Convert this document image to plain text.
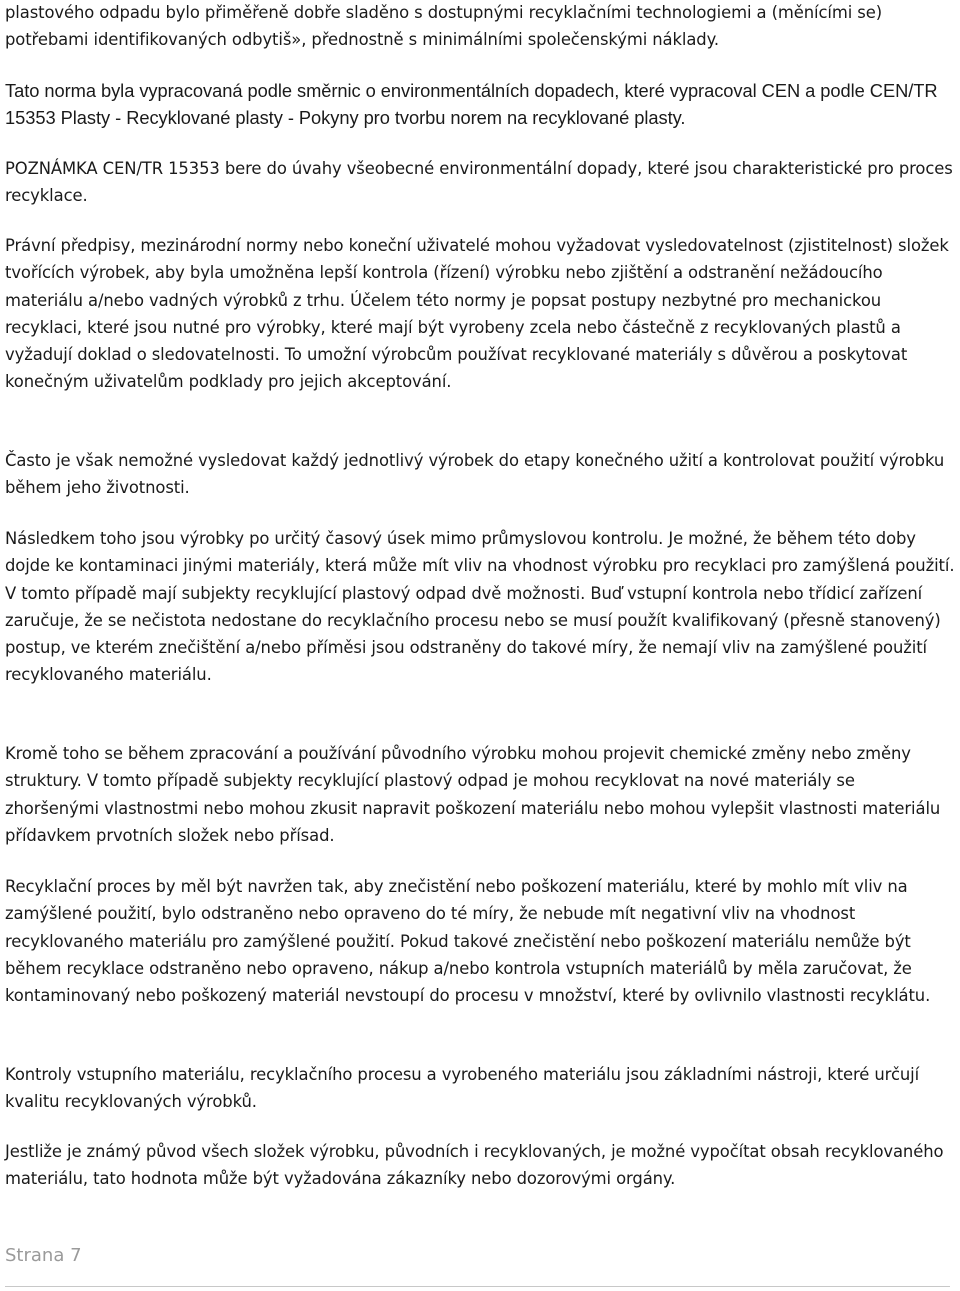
plastového odpadu bylo přiměřeně dobře sladěno s dostupnými recyklačními technologiemi a (měnícími se) potřebami identifikovaných odbytiš», přednostně s minimálními společenskými náklady.

Tato norma byla vypracovaná podle směrnic o environmentálních dopadech, které vypracoval CEN a podle CEN/TR 15353 Plasty - Recyklované plasty - Pokyny pro tvorbu norem na recyklované plasty.

POZNÁMKA CEN/TR 15353 bere do úvahy všeobecné environmentální dopady, které jsou charakteristické pro proces recyklace.

Právní předpisy, mezinárodní normy nebo koneční uživatelé mohou vyžadovat vysledovatelnost (zjistitelnost) složek tvořících výrobek, aby byla umožněna lepší kontrola (řízení) výrobku nebo zjištění a odstranění nežádoucího materiálu a/nebo vadných výrobků z trhu. Účelem této normy je popsat postupy nezbytné pro mechanickou recyklaci, které jsou nutné pro výrobky, které mají být vyrobeny zcela nebo částečně z recyklovaných plastů a vyžadují doklad o sledovatelnosti. To umožní výrobcům používat recyklované materiály s důvěrou a poskytovat konečným uživatelům podklady pro jejich akceptování.

Často je však nemožné vysledovat každý jednotlivý výrobek do etapy konečného užití a kontrolovat použití výrobku během jeho životnosti.

Následkem toho jsou výrobky po určitý časový úsek mimo průmyslovou kontrolu. Je možné, že během této doby dojde ke kontaminaci jinými materiály, která může mít vliv na vhodnost výrobku pro recyklaci pro zamýšlená použití. V tomto případě mají subjekty recyklující plastový odpad dvě možnosti. Buď vstupní kontrola nebo třídicí zařízení zaručuje, že se nečistota nedostane do recyklačního procesu nebo se musí použít kvalifikovaný (přesně stanovený) postup, ve kterém znečištění a/nebo příměsi jsou odstraněny do takové míry, že nemají vliv na zamýšlené použití recyklovaného materiálu.

Kromě toho se během zpracování a používání původního výrobku mohou projevit chemické změny nebo změny struktury. V tomto případě subjekty recyklující plastový odpad je mohou recyklovat na nové materiály se zhoršenými vlastnostmi nebo mohou zkusit napravit poškození materiálu nebo mohou vylepšit vlastnosti materiálu přídavkem prvotních složek nebo přísad.

Recyklační proces by měl být navržen tak, aby znečistění nebo poškození materiálu, které by mohlo mít vliv na zamýšlené použití, bylo odstraněno nebo opraveno do té míry, že nebude mít negativní vliv na vhodnost recyklovaného materiálu pro zamýšlené použití. Pokud takové znečistění nebo poškození materiálu nemůže být během recyklace odstraněno nebo opraveno, nákup a/nebo kontrola vstupních materiálů by měla zaručovat, že kontaminovaný nebo poškozený materiál nevstoupí do procesu v množství, které by ovlivnilo vlastnosti recyklátu.

Kontroly vstupního materiálu, recyklačního procesu a vyrobeného materiálu jsou základními nástroji, které určují kvalitu recyklovaných výrobků.

Jestliže je známý původ všech složek výrobku, původních i recyklovaných, je možné vypočítat obsah recyklovaného materiálu, tato hodnota může být vyžadována zákazníky nebo dozorovými orgány.

Strana 7
